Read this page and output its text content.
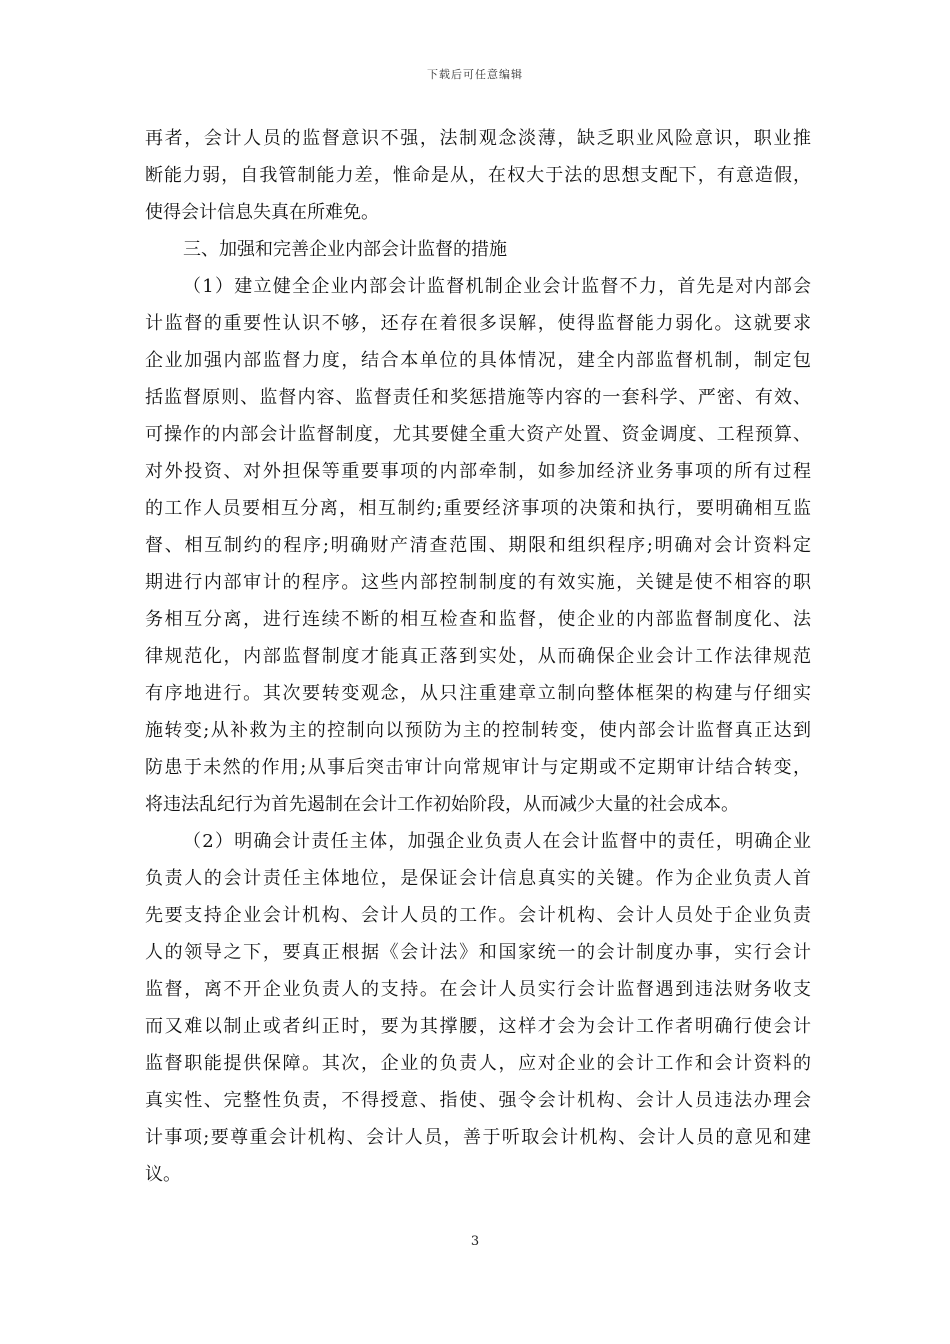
下载后可任意编辑
再者，会计人员的监督意识不强，法制观念淡薄，缺乏职业风险意识，职业推
断能力弱，自我管制能力差，惟命是从，在权大于法的思想支配下，有意造假，
使得会计信息失真在所难免。
三、加强和完善企业内部会计监督的措施
（1）建立健全企业内部会计监督机制企业会计监督不力，首先是对内部会
计监督的重要性认识不够，还存在着很多误解，使得监督能力弱化。这就要求
企业加强内部监督力度，结合本单位的具体情况，建全内部监督机制，制定包
括监督原则、监督内容、监督责任和奖惩措施等内容的一套科学、严密、有效、
可操作的内部会计监督制度，尤其要健全重大资产处置、资金调度、工程预算、
对外投资、对外担保等重要事项的内部牵制，如参加经济业务事项的所有过程
的工作人员要相互分离，相互制约;重要经济事项的决策和执行，要明确相互监
督、相互制约的程序;明确财产清查范围、期限和组织程序;明确对会计资料定
期进行内部审计的程序。这些内部控制制度的有效实施，关键是使不相容的职
务相互分离，进行连续不断的相互检查和监督，使企业的内部监督制度化、法
律规范化，内部监督制度才能真正落到实处，从而确保企业会计工作法律规范
有序地进行。其次要转变观念，从只注重建章立制向整体框架的构建与仔细实
施转变;从补救为主的控制向以预防为主的控制转变，使内部会计监督真正达到
防患于未然的作用;从事后突击审计向常规审计与定期或不定期审计结合转变，
将违法乱纪行为首先遏制在会计工作初始阶段，从而减少大量的社会成本。
（2）明确会计责任主体，加强企业负责人在会计监督中的责任，明确企业
负责人的会计责任主体地位，是保证会计信息真实的关键。作为企业负责人首
先要支持企业会计机构、会计人员的工作。会计机构、会计人员处于企业负责
人的领导之下，要真正根据《会计法》和国家统一的会计制度办事，实行会计
监督，离不开企业负责人的支持。在会计人员实行会计监督遇到违法财务收支
而又难以制止或者纠正时，要为其撑腰，这样才会为会计工作者明确行使会计
监督职能提供保障。其次，企业的负责人，应对企业的会计工作和会计资料的
真实性、完整性负责，不得授意、指使、强令会计机构、会计人员违法办理会
计事项;要尊重会计机构、会计人员，善于听取会计机构、会计人员的意见和建
议。
3
